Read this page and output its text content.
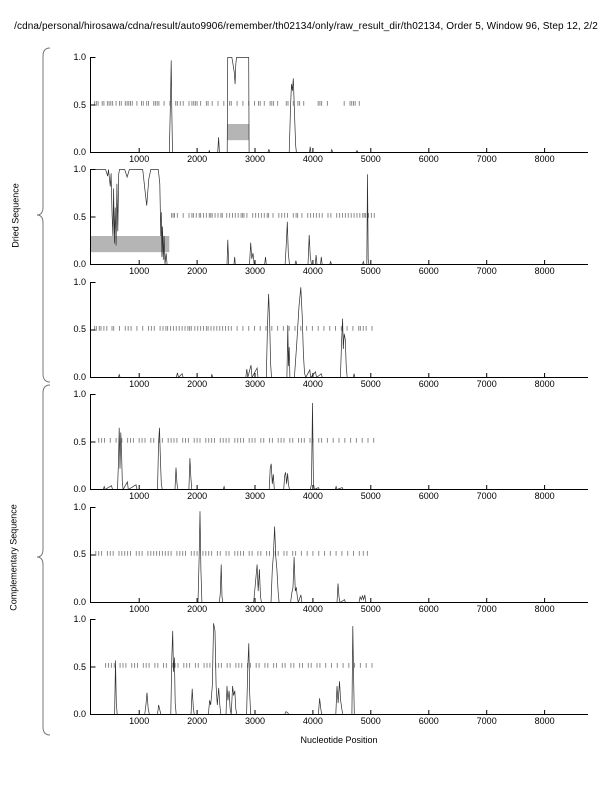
/cdna/personal/hirosawa/cdna/result/auto9906/remember/th02134/only/raw_result_dir/th02134, Order 5, Window 96, Step 12, 2/2
Dried Sequence
Complementary Sequence
1000	2000	3000	4000	5000	6000	7000	8000
1.0
0.5
0.0
1000	2000	3000	4000	5000	6000	7000	8000
1.0
0.5
0.0
1000	2000	3000	4000	5000	6000	7000	8000
1.0
0.5
0.0
1000	2000	3000	4000	5000	6000	7000	8000
1.0
0.5
0.0
1000	2000	3000	4000	5000	6000	7000	8000
1.0
0.5
0.0
1000	2000	3000	4000	5000	6000	7000	8000
1.0
0.5
0.0
Nucleotide Position
